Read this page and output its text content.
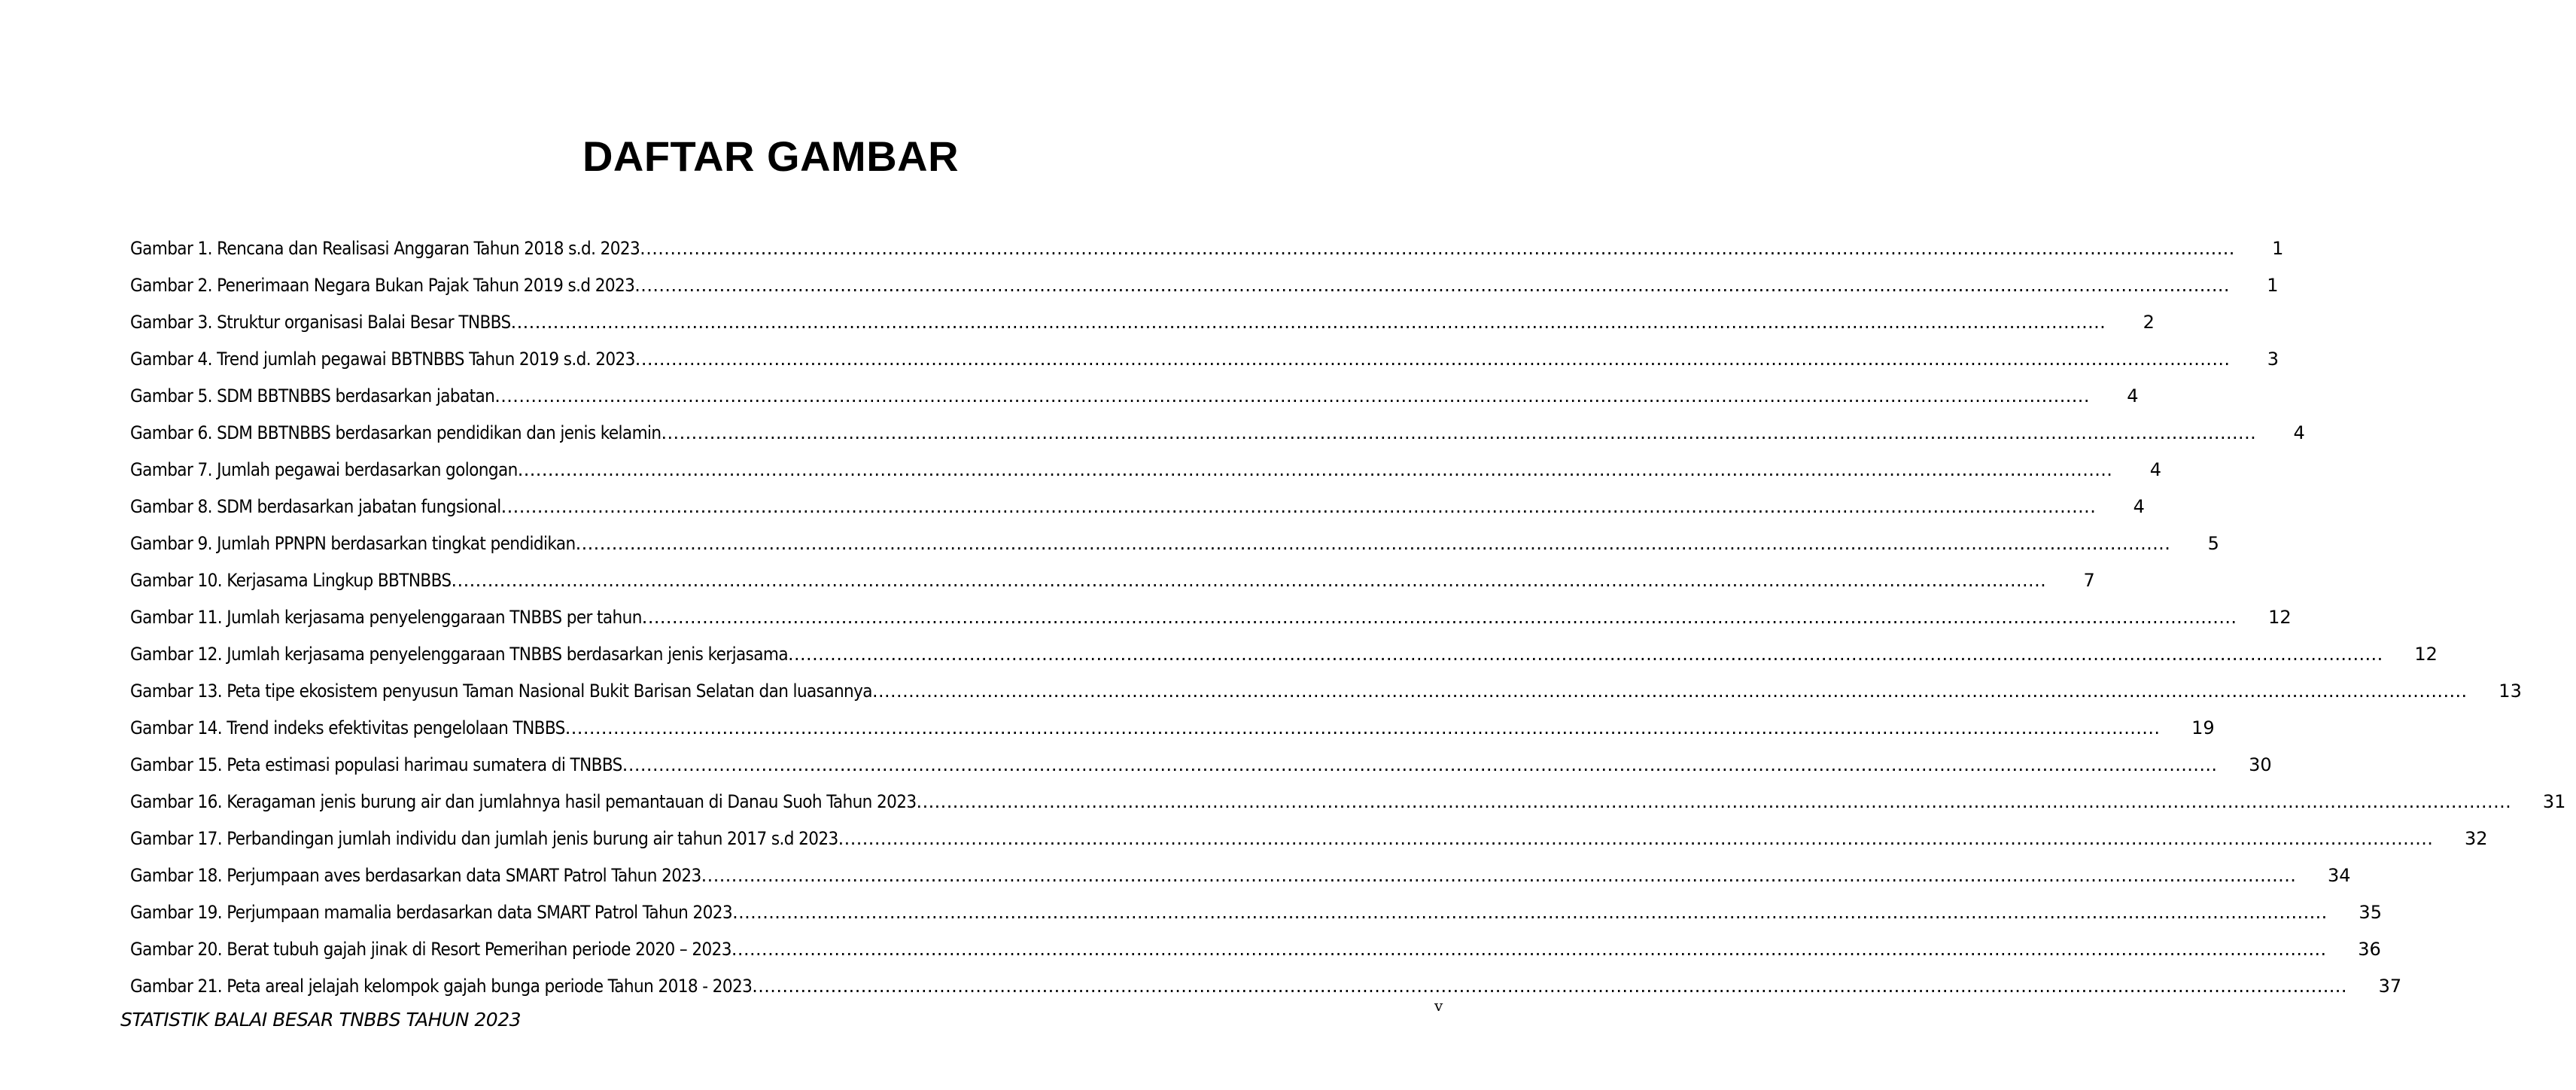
DAFTAR GAMBAR
Gambar 1. Rencana dan Realisasi Anggaran Tahun 2018 s.d. 2023 .....	1
Gambar 2. Penerimaan Negara Bukan Pajak Tahun 2019 s.d 2023 .....	1
Gambar 3. Struktur organisasi Balai Besar TNBBS .....	2
Gambar 4. Trend jumlah pegawai BBTNBBS Tahun 2019 s.d. 2023 .....	3
Gambar 5. SDM BBTNBBS berdasarkan jabatan .....	4
Gambar 6. SDM BBTNBBS berdasarkan pendidikan dan jenis kelamin .....	4
Gambar 7. Jumlah pegawai berdasarkan golongan .....	4
Gambar 8. SDM berdasarkan jabatan fungsional .....	4
Gambar 9. Jumlah PPNPN berdasarkan tingkat pendidikan .....	5
Gambar 10. Kerjasama Lingkup BBTNBBS .....	7
Gambar 11. Jumlah kerjasama penyelenggaraan TNBBS per tahun .....	12
Gambar 12. Jumlah kerjasama penyelenggaraan TNBBS berdasarkan jenis kerjasama .....	12
Gambar 13. Peta tipe ekosistem penyusun Taman Nasional Bukit Barisan Selatan dan luasannya .....	13
Gambar 14. Trend indeks efektivitas pengelolaan TNBBS .....	19
Gambar 15. Peta estimasi populasi harimau sumatera di TNBBS .....	30
Gambar 16. Keragaman jenis burung air dan jumlahnya hasil pemantauan di Danau Suoh Tahun 2023 .....	31
Gambar 17. Perbandingan jumlah individu dan jumlah jenis burung air tahun 2017 s.d 2023 .....	32
Gambar 18. Perjumpaan aves berdasarkan data SMART Patrol Tahun 2023 .....	34
Gambar 19. Perjumpaan mamalia berdasarkan data SMART Patrol Tahun 2023 .....	35
Gambar 20. Berat tubuh gajah jinak di Resort Pemerihan periode 2020 – 2023 .....	36
Gambar 21. Peta areal jelajah kelompok gajah bunga periode Tahun 2018 - 2023 .....	37
STATISTIK BALAI BESAR TNBBS TAHUN 2023
v
